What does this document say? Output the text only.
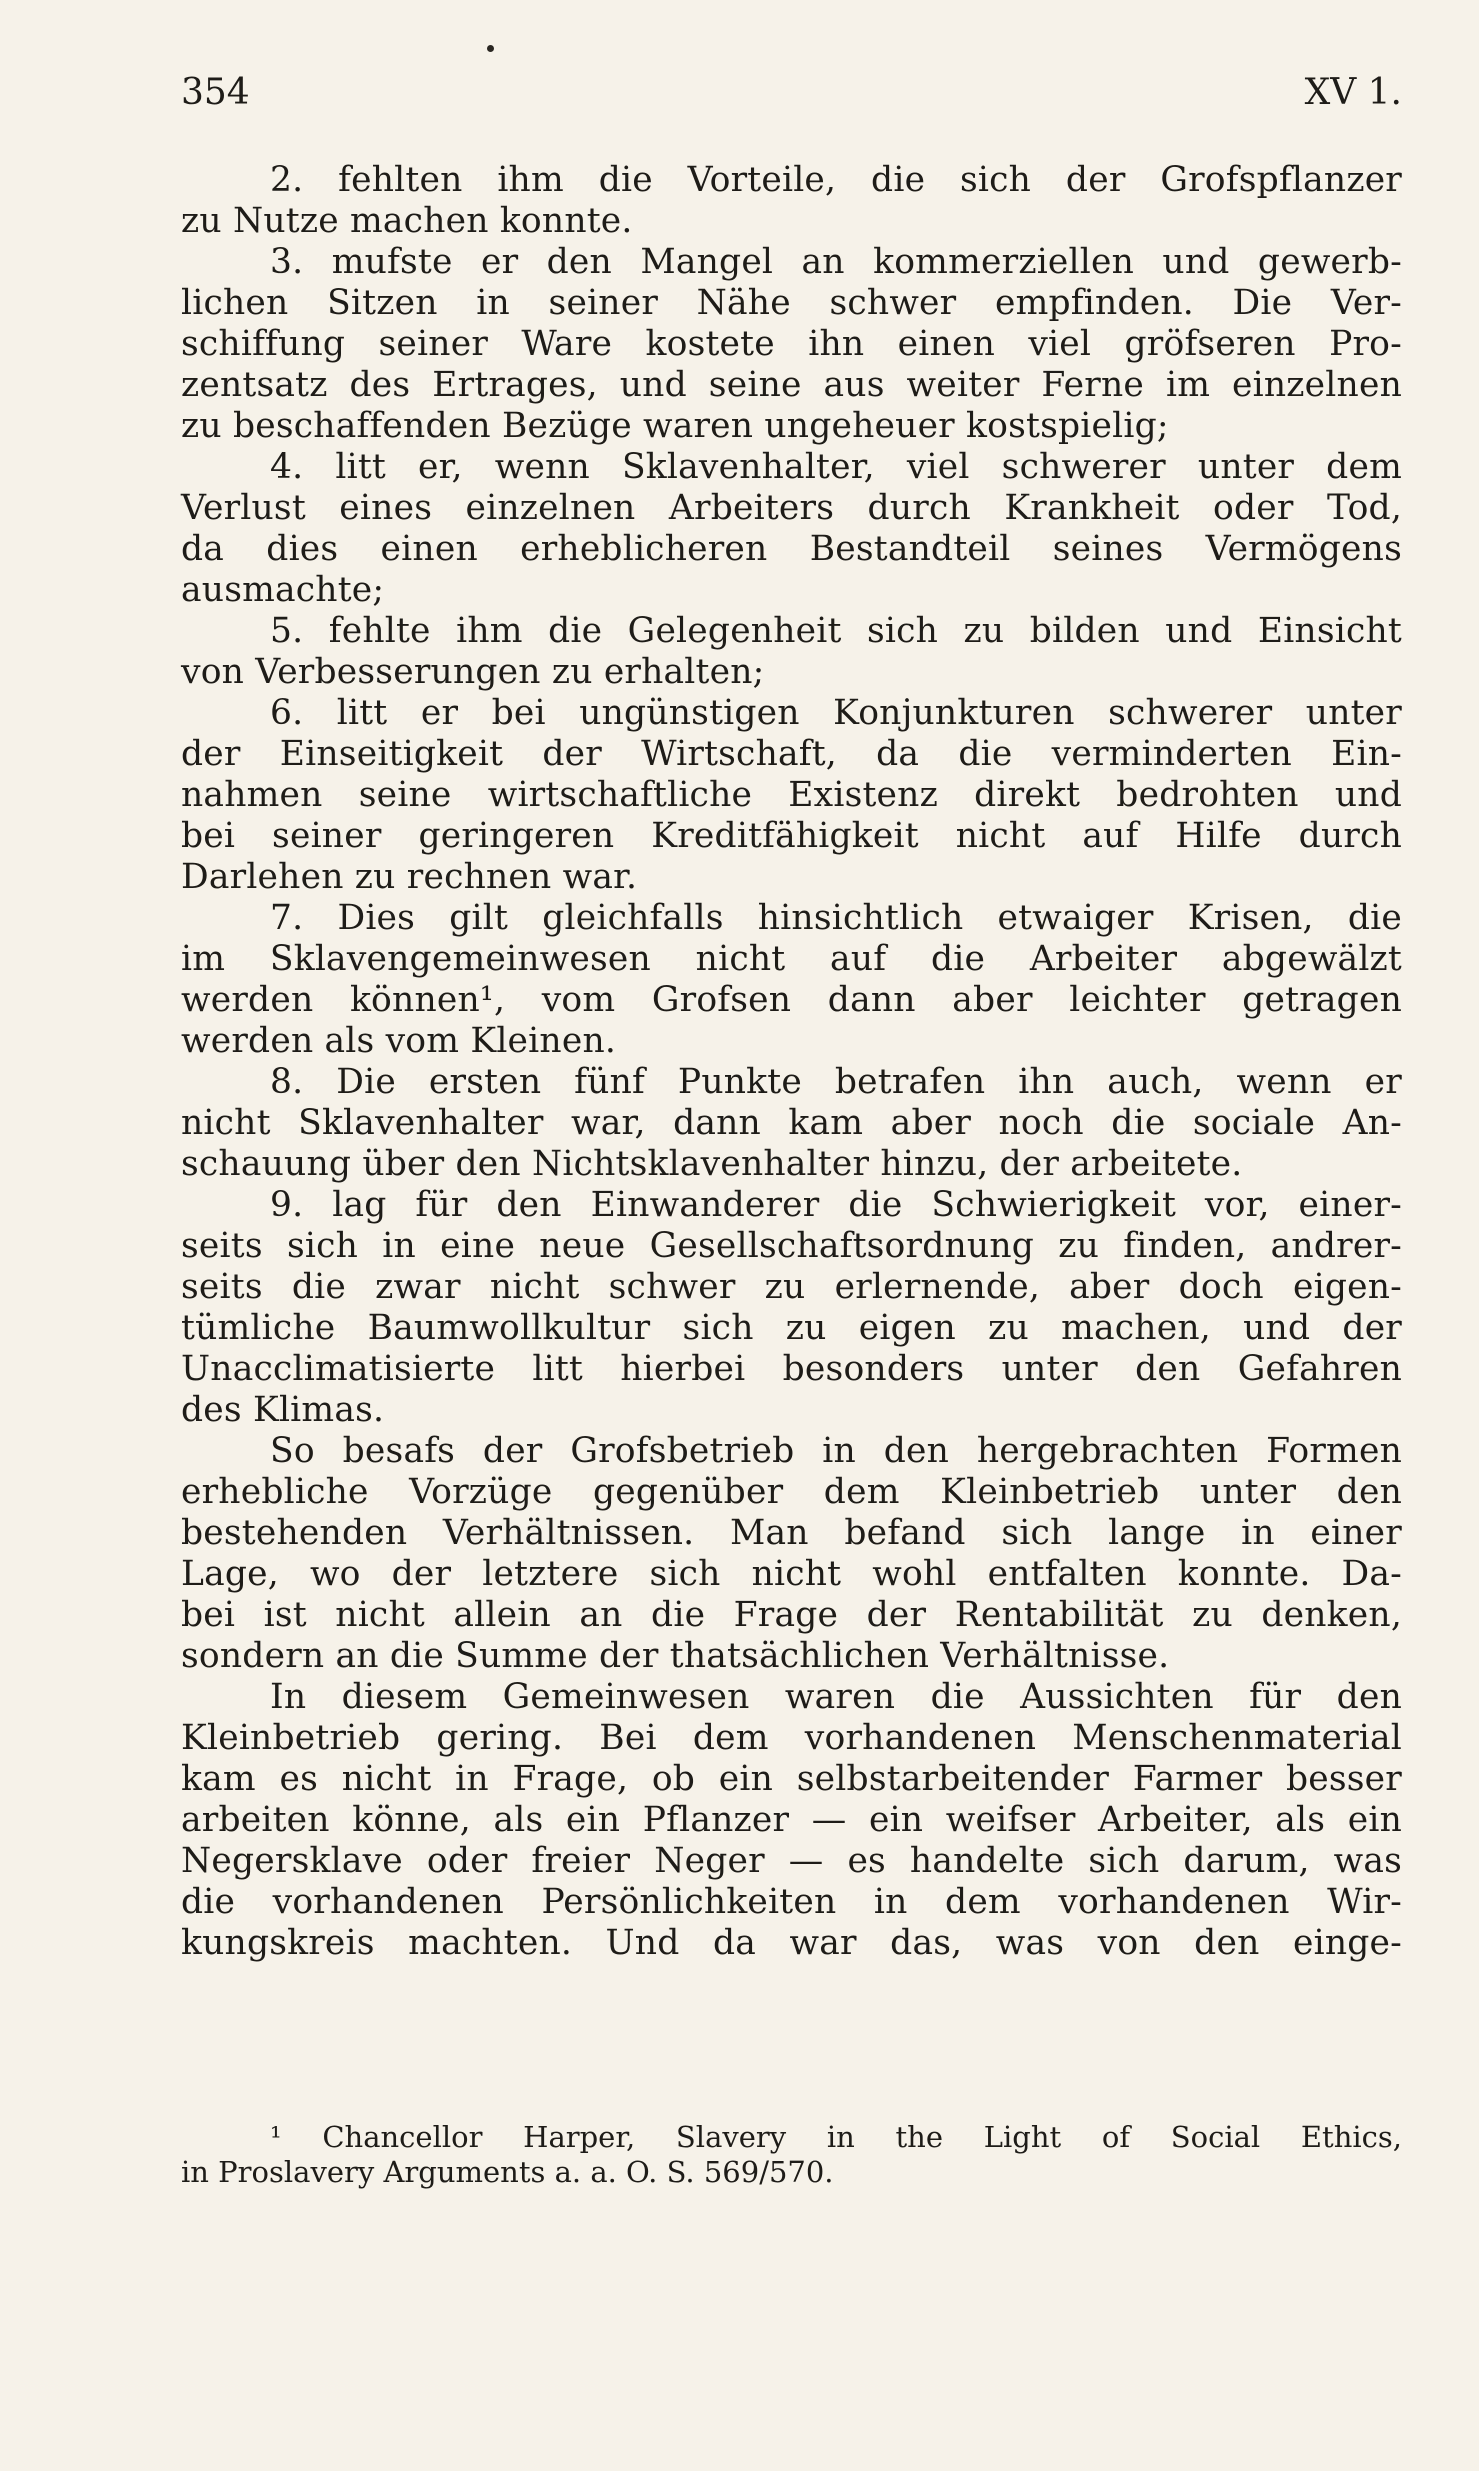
354	XV 1.
2. fehlten ihm die Vorteile, die sich der Grofspflanzer
zu Nutze machen konnte.
3. mufste er den Mangel an kommerziellen und gewerb-
lichen Sitzen in seiner Nähe schwer empfinden. Die Ver-
schiffung seiner Ware kostete ihn einen viel gröfseren Pro-
zentsatz des Ertrages, und seine aus weiter Ferne im einzelnen
zu beschaffenden Bezüge waren ungeheuer kostspielig;
4. litt er, wenn Sklavenhalter, viel schwerer unter dem
Verlust eines einzelnen Arbeiters durch Krankheit oder Tod,
da dies einen erheblicheren Bestandteil seines Vermögens
ausmachte;
5. fehlte ihm die Gelegenheit sich zu bilden und Einsicht
von Verbesserungen zu erhalten;
6. litt er bei ungünstigen Konjunkturen schwerer unter
der Einseitigkeit der Wirtschaft, da die verminderten Ein-
nahmen seine wirtschaftliche Existenz direkt bedrohten und
bei seiner geringeren Kreditfähigkeit nicht auf Hilfe durch
Darlehen zu rechnen war.
7. Dies gilt gleichfalls hinsichtlich etwaiger Krisen, die
im Sklavengemeinwesen nicht auf die Arbeiter abgewälzt
werden können¹, vom Grofsen dann aber leichter getragen
werden als vom Kleinen.
8. Die ersten fünf Punkte betrafen ihn auch, wenn er
nicht Sklavenhalter war, dann kam aber noch die sociale An-
schauung über den Nichtsklavenhalter hinzu, der arbeitete.
9. lag für den Einwanderer die Schwierigkeit vor, einer-
seits sich in eine neue Gesellschaftsordnung zu finden, andrer-
seits die zwar nicht schwer zu erlernende, aber doch eigen-
tümliche Baumwollkultur sich zu eigen zu machen, und der
Unacclimatisierte litt hierbei besonders unter den Gefahren
des Klimas.
So besafs der Grofsbetrieb in den hergebrachten Formen
erhebliche Vorzüge gegenüber dem Kleinbetrieb unter den
bestehenden Verhältnissen. Man befand sich lange in einer
Lage, wo der letztere sich nicht wohl entfalten konnte. Da-
bei ist nicht allein an die Frage der Rentabilität zu denken,
sondern an die Summe der thatsächlichen Verhältnisse.
In diesem Gemeinwesen waren die Aussichten für den
Kleinbetrieb gering. Bei dem vorhandenen Menschenmaterial
kam es nicht in Frage, ob ein selbstarbeitender Farmer besser
arbeiten könne, als ein Pflanzer — ein weifser Arbeiter, als ein
Negersklave oder freier Neger — es handelte sich darum, was
die vorhandenen Persönlichkeiten in dem vorhandenen Wir-
kungskreis machten. Und da war das, was von den einge-
¹ Chancellor Harper, Slavery in the Light of Social Ethics,
in Proslavery Arguments a. a. O. S. 569/570.
